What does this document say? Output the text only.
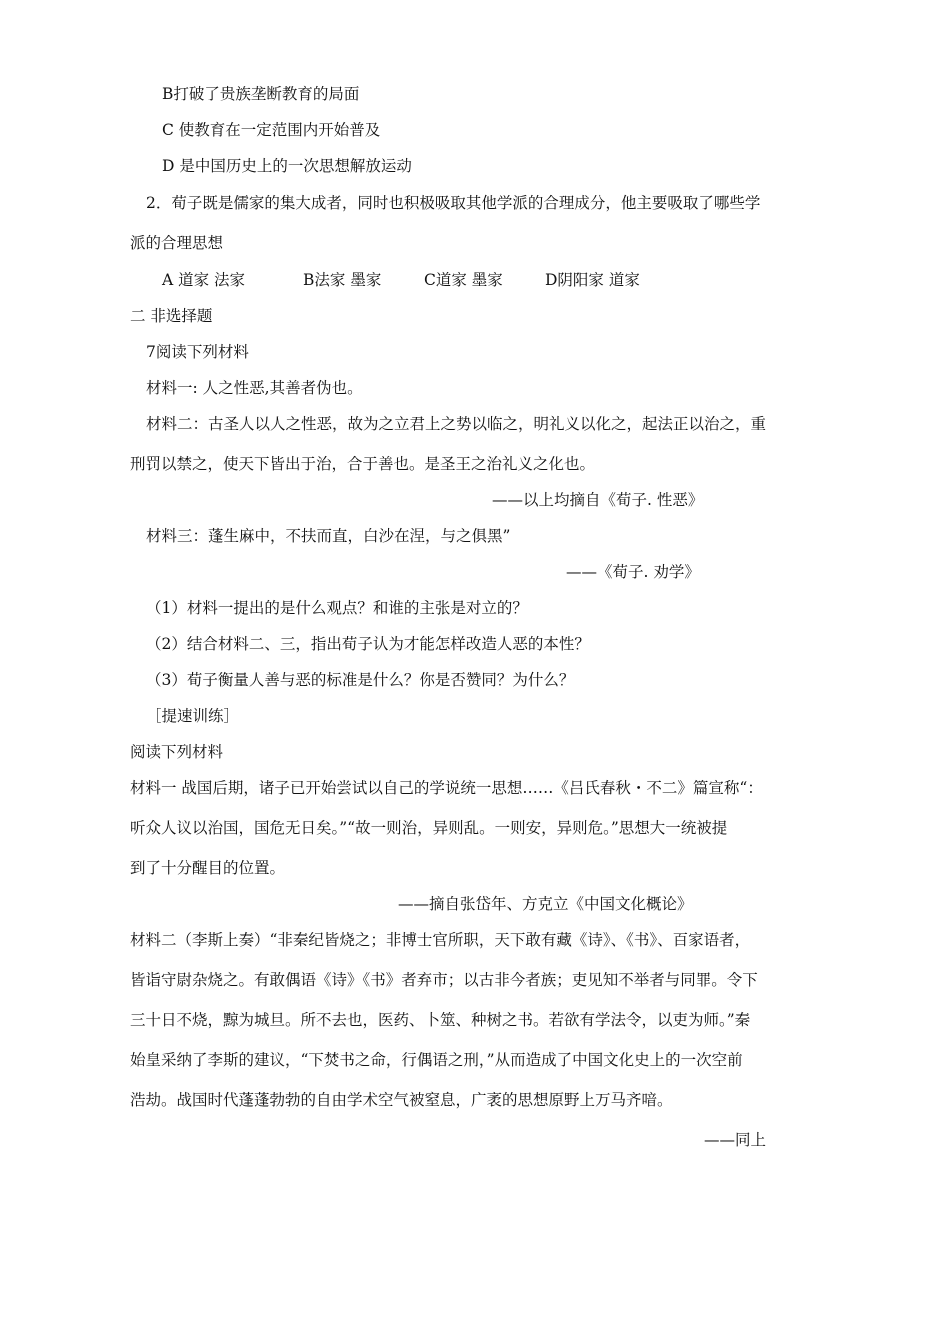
B打破了贵族垄断教育的局面
C 使教育在一定范围内开始普及
D 是中国历史上的一次思想解放运动
2．荀子既是儒家的集大成者，同时也积极吸取其他学派的合理成分，他主要吸取了哪些学
派的合理思想
A 道家 法家	B法家 墨家	C道家 墨家	D阴阳家 道家
二 非选择题
7阅读下列材料
材料一: 人之性恶,其善者伪也。
材料二：古圣人以人之性恶，故为之立君上之势以临之，明礼义以化之，起法正以治之，重
刑罚以禁之，使天下皆出于治，合于善也。是圣王之治礼义之化也。
——以上均摘自《荀子. 性恶》
材料三：蓬生麻中，不扶而直，白沙在涅，与之俱黑”
——《荀子. 劝学》
（1）材料一提出的是什么观点？和谁的主张是对立的？
（2）结合材料二、三，指出荀子认为才能怎样改造人恶的本性？
（3）荀子衡量人善与恶的标准是什么？你是否赞同？为什么？
［提速训练］
阅读下列材料
材料一 战国后期，诸子已开始尝试以自己的学说统一思想……《吕氏春秋・不二》篇宣称“：
听众人议以治国，国危无日矣。”“故一则治，异则乱。一则安，异则危。”思想大一统被提
到了十分醒目的位置。
——摘自张岱年、方克立《中国文化概论》
材料二（李斯上奏）“非秦纪皆烧之；非博士官所职，天下敢有藏《诗》、《书》、百家语者，
皆诣守尉杂烧之。有敢偶语《诗》《书》者弃市；以古非今者族；吏见知不举者与同罪。令下
三十日不烧，黥为城旦。所不去也，医药、卜筮、种树之书。若欲有学法令，以吏为师。”秦
始皇采纳了李斯的建议，“下焚书之命，行偶语之刑，”从而造成了中国文化史上的一次空前
浩劫。战国时代蓬蓬勃勃的自由学术空气被窒息，广袤的思想原野上万马齐喑。
——同上
